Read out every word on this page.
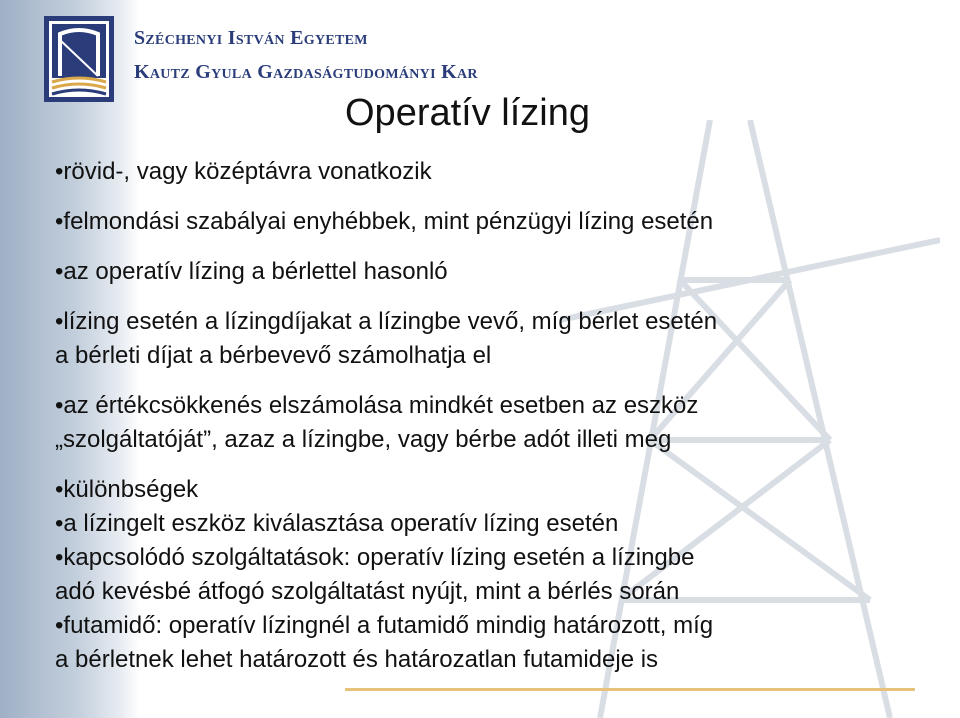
Széchenyi István Egyetem
Kautz Gyula Gazdaságtudományi Kar
Operatív lízing

•rövid-, vagy középtávra vonatkozik

•felmondási szabályai enyhébbek, mint pénzügyi lízing esetén

•az operatív lízing a bérlettel hasonló

•lízing esetén a lízingdíjakat a lízingbe vevő, míg bérlet esetén

a bérleti díjat a bérbevevő számolhatja el

•az értékcsökkenés elszámolása mindkét esetben az eszköz

„szolgáltatóját”, azaz a lízingbe, vagy bérbe adót illeti meg

•különbségek

•a lízingelt eszköz kiválasztása operatív lízing esetén

•kapcsolódó szolgáltatások: operatív lízing esetén a lízingbe

adó kevésbé átfogó szolgáltatást nyújt, mint a bérlés során

•futamidő: operatív lízingnél a futamidő mindig határozott, míg

a bérletnek lehet határozott és határozatlan futamideje is
